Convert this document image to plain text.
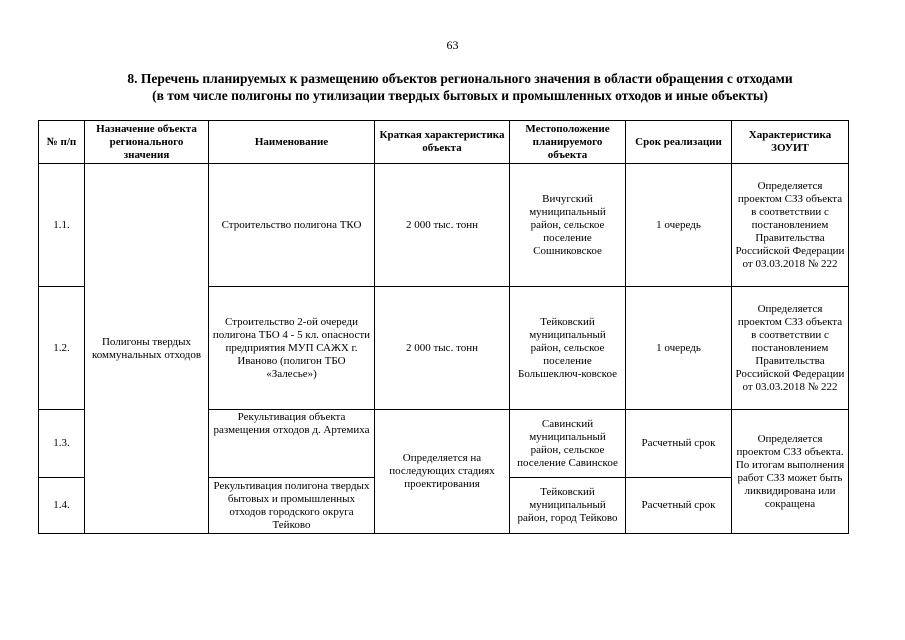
63
8. Перечень планируемых к размещению объектов регионального значения в области обращения с отходами
(в том числе полигоны по утилизации твердых бытовых и промышленных отходов и иные объекты)
№ п/п	Назначение объекта регионального значения	Наименование	Краткая характеристика объекта	Местоположение планируемого объекта	Срок реализации	Характеристика ЗОУИТ
1.1.	Полигоны твердых коммунальных отходов	Строительство полигона ТКО	2 000 тыс. тонн	Вичугский муниципальный район, сельское поселение Сошниковское	1 очередь	Определяется проектом СЗЗ объекта в соответствии с постановлением Правительства Российской Федерации от 03.03.2018 № 222
1.2.		Строительство 2-ой очереди полигона ТБО 4 - 5 кл. опасности предприятия МУП САЖХ г. Иваново (полигон ТБО «Залесье»)	2 000 тыс. тонн	Тейковский муниципальный район, сельское поселение Большеключ-ковское	1 очередь	Определяется проектом СЗЗ объекта в соответствии с постановлением Правительства Российской Федерации от 03.03.2018 № 222
1.3.		Рекультивация объекта размещения отходов д. Артемиха	Определяется на последующих стадиях проектирования	Савинский муниципальный район, сельское поселение Савинское	Расчетный срок	Определяется проектом СЗЗ объекта. По итогам выполнения работ СЗЗ может быть ликвидирована или сокращена
1.4.		Рекультивация полигона твердых бытовых и промышленных отходов городского округа Тейково		Тейковский муниципальный район, город Тейково	Расчетный срок	
